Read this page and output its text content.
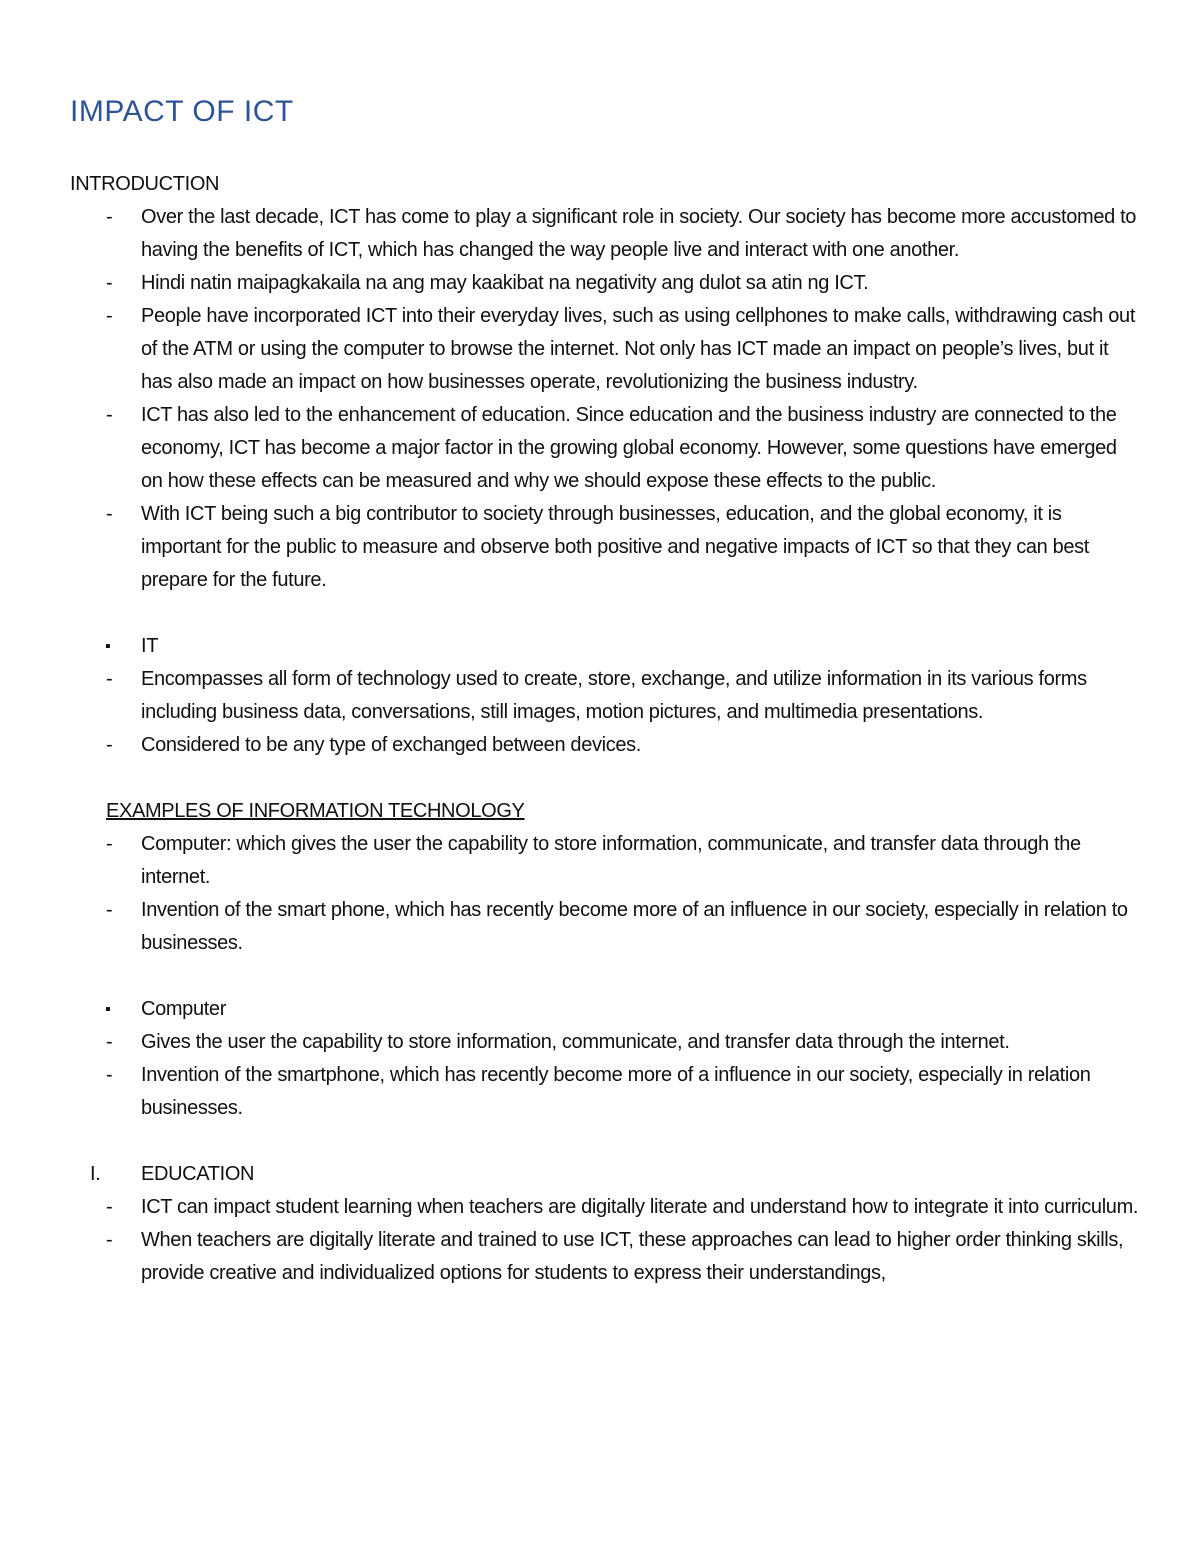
IMPACT OF ICT
INTRODUCTION
-	Over the last decade, ICT has come to play a significant role in society. Our society has become more accustomed to having the benefits of ICT, which has changed the way people live and interact with one another.
-	Hindi natin maipagkakaila na ang may kaakibat na negativity ang dulot sa atin ng ICT.
-	People have incorporated ICT into their everyday lives, such as using cellphones to make calls, withdrawing cash out of the ATM or using the computer to browse the internet. Not only has ICT made an impact on people’s lives, but it has also made an impact on how businesses operate, revolutionizing the business industry.
-	ICT has also led to the enhancement of education. Since education and the business industry are connected to the economy, ICT has become a major factor in the growing global economy. However, some questions have emerged on how these effects can be measured and why we should expose these effects to the public.
-	With ICT being such a big contributor to society through businesses, education, and the global economy, it is important for the public to measure and observe both positive and negative impacts of ICT so that they can best prepare for the future.
▪	IT
-	Encompasses all form of technology used to create, store, exchange, and utilize information in its various forms including business data, conversations, still images, motion pictures, and multimedia presentations.
-	Considered to be any type of exchanged between devices.
EXAMPLES OF INFORMATION TECHNOLOGY
-	Computer: which gives the user the capability to store information, communicate, and transfer data through the internet.
-	Invention of the smart phone, which has recently become more of an influence in our society, especially in relation to businesses.
▪	Computer
-	Gives the user the capability to store information, communicate, and transfer data through the internet.
-	Invention of the smartphone, which has recently become more of a influence in our society, especially in relation businesses.
I.	EDUCATION
-	ICT can impact student learning when teachers are digitally literate and understand how to integrate it into curriculum.
-	When teachers are digitally literate and trained to use ICT, these approaches can lead to higher order thinking skills, provide creative and individualized options for students to express their understandings,
